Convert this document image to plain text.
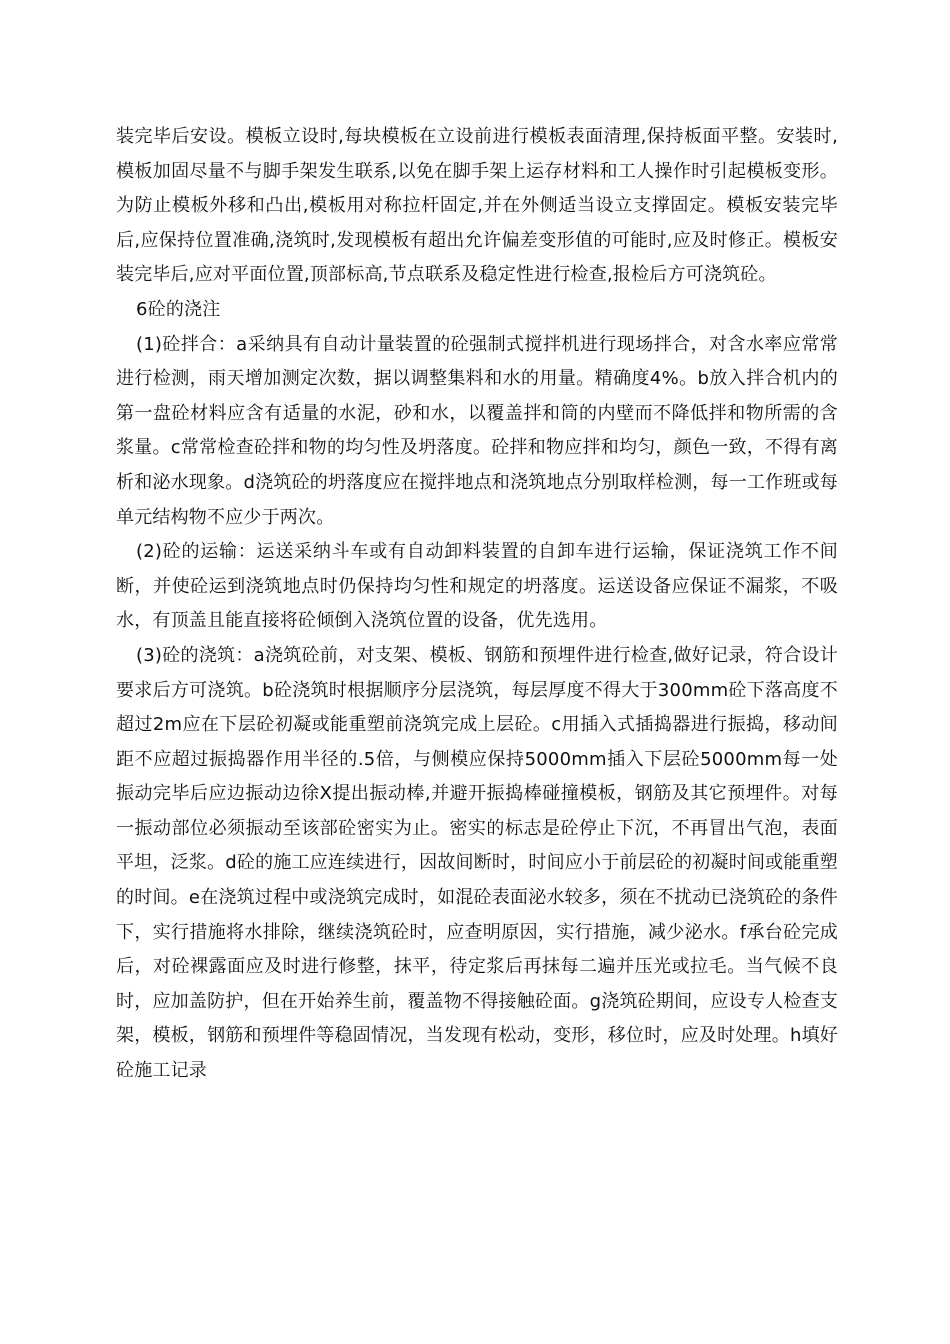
装完毕后安设。模板立设时,每块模板在立设前进行模板表面清理,保持板面平整。安装时,模板加固尽量不与脚手架发生联系,以免在脚手架上运存材料和工人操作时引起模板变形。为防止模板外移和凸出,模板用对称拉杆固定,并在外侧适当设立支撑固定。模板安装完毕后,应保持位置准确,浇筑时,发现模板有超出允许偏差变形值的可能时,应及时修正。模板安装完毕后,应对平面位置,顶部标高,节点联系及稳定性进行检查,报检后方可浇筑砼。

6砼的浇注

(1)砼拌合：a采纳具有自动计量装置的砼强制式搅拌机进行现场拌合，对含水率应常常进行检测，雨天增加测定次数，据以调整集料和水的用量。精确度4%。b放入拌合机内的第一盘砼材料应含有适量的水泥，砂和水，以覆盖拌和筒的内壁而不降低拌和物所需的含浆量。c常常检查砼拌和物的均匀性及坍落度。砼拌和物应拌和均匀，颜色一致，不得有离析和泌水现象。d浇筑砼的坍落度应在搅拌地点和浇筑地点分别取样检测，每一工作班或每单元结构物不应少于两次。

(2)砼的运输：运送采纳斗车或有自动卸料装置的自卸车进行运输，保证浇筑工作不间断，并使砼运到浇筑地点时仍保持均匀性和规定的坍落度。运送设备应保证不漏浆，不吸水，有顶盖且能直接将砼倾倒入浇筑位置的设备，优先选用。

(3)砼的浇筑：a浇筑砼前，对支架、模板、钢筋和预埋件进行检查,做好记录，符合设计要求后方可浇筑。b砼浇筑时根据顺序分层浇筑，每层厚度不得大于300mm砼下落高度不超过2m应在下层砼初凝或能重塑前浇筑完成上层砼。c用插入式插捣器进行振捣，移动间距不应超过振捣器作用半径的.5倍，与侧模应保持5000mm插入下层砼5000mm每一处振动完毕后应边振动边徐X提出振动棒,并避开振捣棒碰撞模板，钢筋及其它预埋件。对每一振动部位必须振动至该部砼密实为止。密实的标志是砼停止下沉，不再冒出气泡，表面平坦，泛浆。d砼的施工应连续进行，因故间断时，时间应小于前层砼的初凝时间或能重塑的时间。e在浇筑过程中或浇筑完成时，如混砼表面泌水较多，须在不扰动已浇筑砼的条件下，实行措施将水排除，继续浇筑砼时，应查明原因，实行措施，减少泌水。f承台砼完成后，对砼裸露面应及时进行修整，抹平，待定浆后再抹每二遍并压光或拉毛。当气候不良时，应加盖防护，但在开始养生前，覆盖物不得接触砼面。g浇筑砼期间，应设专人检查支架，模板，钢筋和预埋件等稳固情况，当发现有松动，变形，移位时，应及时处理。h填好砼施工记录
